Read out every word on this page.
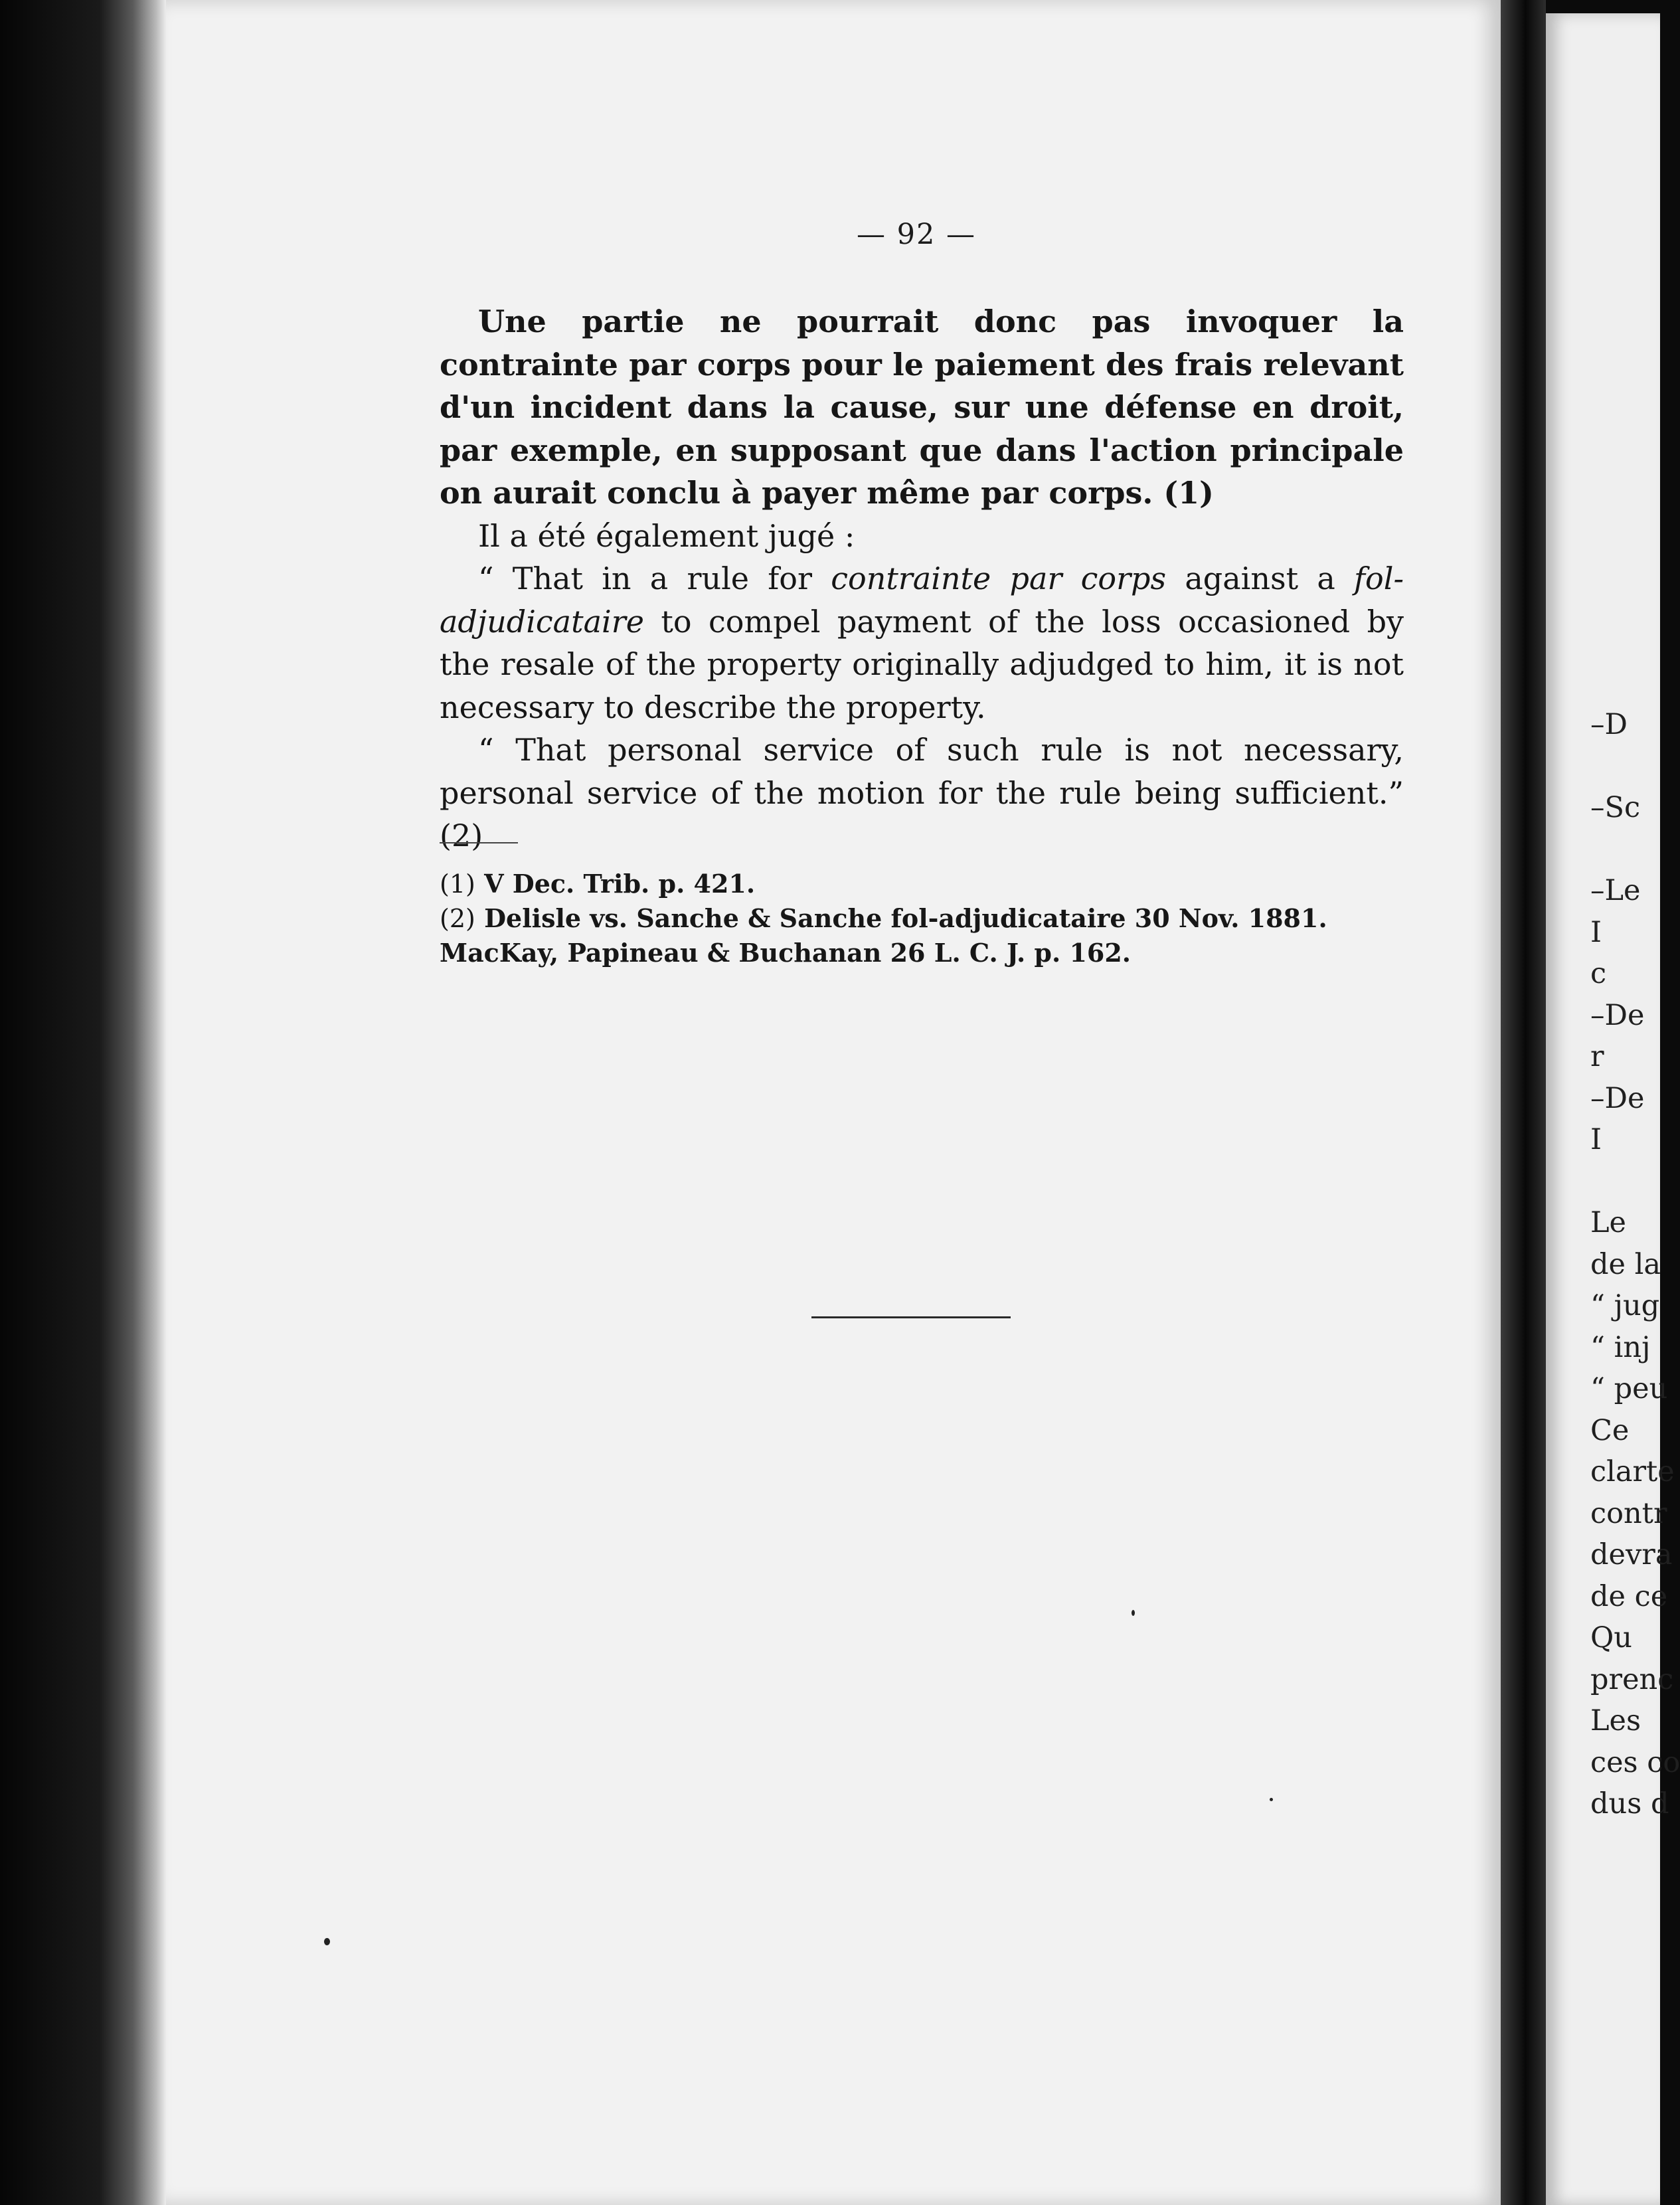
— 92 —

Une partie ne pourrait donc pas invoquer la contrainte par corps pour le paiement des frais relevant d'un incident dans la cause, sur une défense en droit, par exemple, en supposant que dans l'action principale on aurait conclu à payer même par corps. (1)

Il a été également jugé :

“ That in a rule for contrainte par corps against a fol-adjudicataire to compel payment of the loss occasioned by the resale of the property originally adjudged to him, it is not necessary to describe the property.

“ That personal service of such rule is not necessary, personal service of the motion for the rule being sufficient.” (2)

(1) V Dec. Trib. p. 421.

(2) Delisle vs. Sanche & Sanche fol-adjudicataire 30 Nov. 1881. MacKay, Papineau & Buchanan 26 L. C. J. p. 162.

–D
–Sc
–Le
I
c
–De
r
–De
I
Le
de la
“ jug
“ inj
“ peu
Ce
clarte
contr
devra
de ce
Qu
prenc
Les
ces co
dus d
